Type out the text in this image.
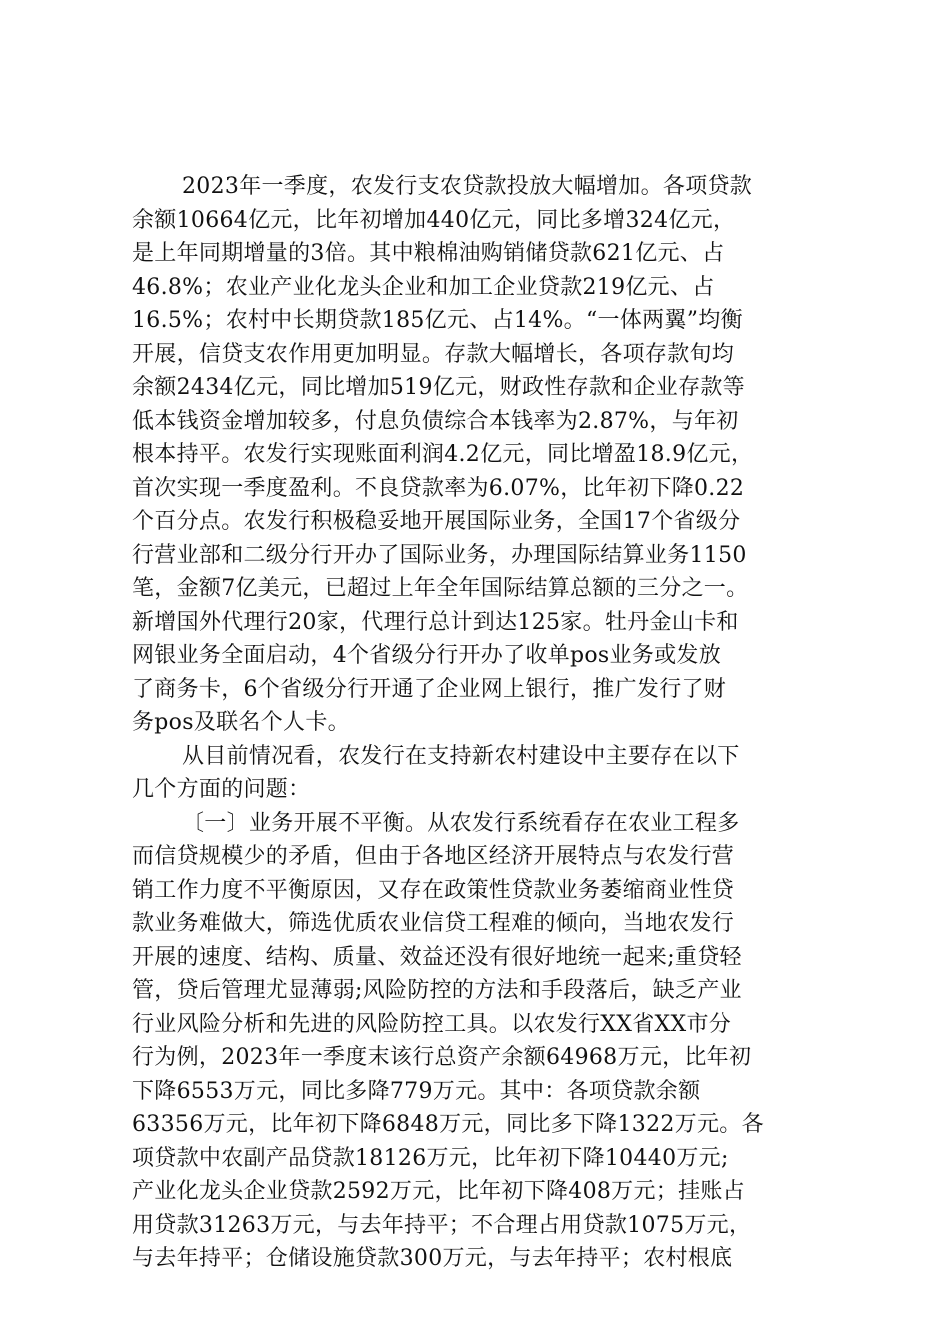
2023年一季度，农发行支农贷款投放大幅增加。各项贷款
余额10664亿元，比年初增加440亿元，同比多增324亿元，
是上年同期增量的3倍。其中粮棉油购销储贷款621亿元、占
46.8%；农业产业化龙头企业和加工企业贷款219亿元、占
16.5%；农村中长期贷款185亿元、占14%。“一体两翼”均衡
开展，信贷支农作用更加明显。存款大幅增长，各项存款旬均
余额2434亿元，同比增加519亿元，财政性存款和企业存款等
低本钱资金增加较多，付息负债综合本钱率为2.87%，与年初
根本持平。农发行实现账面利润4.2亿元，同比增盈18.9亿元，
首次实现一季度盈利。不良贷款率为6.07%，比年初下降0.22
个百分点。农发行积极稳妥地开展国际业务，全国17个省级分
行营业部和二级分行开办了国际业务，办理国际结算业务1150
笔，金额7亿美元，已超过上年全年国际结算总额的三分之一。
新增国外代理行20家，代理行总计到达125家。牡丹金山卡和
网银业务全面启动，4个省级分行开办了收单pos业务或发放
了商务卡，6个省级分行开通了企业网上银行，推广发行了财
务pos及联名个人卡。
从目前情况看，农发行在支持新农村建设中主要存在以下
几个方面的问题：
〔一〕业务开展不平衡。从农发行系统看存在农业工程多
而信贷规模少的矛盾，但由于各地区经济开展特点与农发行营
销工作力度不平衡原因，又存在政策性贷款业务萎缩商业性贷
款业务难做大，筛选优质农业信贷工程难的倾向，当地农发行
开展的速度、结构、质量、效益还没有很好地统一起来;重贷轻
管，贷后管理尤显薄弱;风险防控的方法和手段落后，缺乏产业
行业风险分析和先进的风险防控工具。以农发行XX省XX市分
行为例，2023年一季度末该行总资产余额64968万元，比年初
下降6553万元，同比多降779万元。其中：各项贷款余额
63356万元，比年初下降6848万元，同比多下降1322万元。各
项贷款中农副产品贷款18126万元，比年初下降10440万元;
产业化龙头企业贷款2592万元，比年初下降408万元；挂账占
用贷款31263万元，与去年持平；不合理占用贷款1075万元，
与去年持平；仓储设施贷款300万元，与去年持平；农村根底
